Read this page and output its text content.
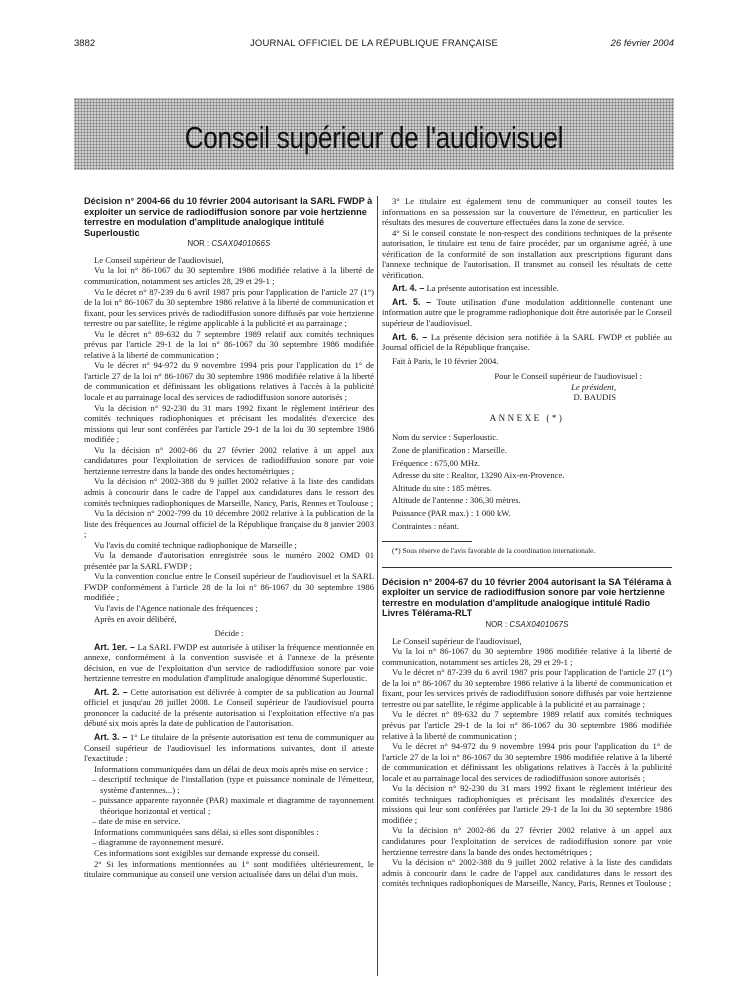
3882	JOURNAL OFFICIEL DE LA RÉPUBLIQUE FRANÇAISE	26 février 2004
Conseil supérieur de l'audiovisuel
Décision n° 2004-66 du 10 février 2004 autorisant la SARL FWDP à exploiter un service de radiodiffusion sonore par voie hertzienne terrestre en modulation d'amplitude analogique intitulé Superloustic
NOR : CSAX0401066S

Le Conseil supérieur de l'audiovisuel,

Vu la loi n° 86-1067 du 30 septembre 1986 modifiée relative à la liberté de communication, notamment ses articles 28, 29 et 29-1 ;

Vu le décret n° 87-239 du 6 avril 1987 pris pour l'application de l'article 27 (1°) de la loi n° 86-1067 du 30 septembre 1986 relative à la liberté de communication et fixant, pour les services privés de radiodiffusion sonore diffusés par voie hertzienne terrestre ou par satellite, le régime applicable à la publicité et au parrainage ;

Vu le décret n° 89-632 du 7 septembre 1989 relatif aux comités techniques prévus par l'article 29-1 de la loi n° 86-1067 du 30 septembre 1986 modifiée relative à la liberté de communication ;

Vu le décret n° 94-972 du 9 novembre 1994 pris pour l'application du 1° de l'article 27 de la loi n° 86-1067 du 30 septembre 1986 modifiée relative à la liberté de communication et définissant les obligations relatives à l'accès à la publicité locale et au parrainage local des services de radiodiffusion sonore autorisés ;

Vu la décision n° 92-230 du 31 mars 1992 fixant le règlement intérieur des comités techniques radiophoniques et précisant les modalités d'exercice des missions qui leur sont conférées par l'article 29-1 de la loi du 30 septembre 1986 modifiée ;

Vu la décision n° 2002-86 du 27 février 2002 relative à un appel aux candidatures pour l'exploitation de services de radiodiffusion sonore par voie hertzienne terrestre dans la bande des ondes hectométriques ;

Vu la décision n° 2002-388 du 9 juillet 2002 relative à la liste des candidats admis à concourir dans le cadre de l'appel aux candidatures dans le ressort des comités techniques radiophoniques de Marseille, Nancy, Paris, Rennes et Toulouse ;

Vu la décision n° 2002-799 du 10 décembre 2002 relative à la publication de la liste des fréquences au Journal officiel de la République française du 8 janvier 2003 ;

Vu l'avis du comité technique radiophonique de Marseille ;

Vu la demande d'autorisation enregistrée sous le numéro 2002 OMD 01 présentée par la SARL FWDP ;

Vu la convention conclue entre le Conseil supérieur de l'audiovisuel et la SARL FWDP conformément à l'article 28 de la loi n° 86-1067 du 30 septembre 1986 modifiée ;

Vu l'avis de l'Agence nationale des fréquences ;

Après en avoir délibéré,

Décide :

Art. 1er. – La SARL FWDP est autorisée à utiliser la fréquence mentionnée en annexe, conformément à la convention susvisée et à l'annexe de la présente décision, en vue de l'exploitation d'un service de radiodiffusion sonore par voie hertzienne terrestre en modulation d'amplitude analogique dénommé Superloustic.

Art. 2. – Cette autorisation est délivrée à compter de sa publication au Journal officiel et jusqu'au 28 juillet 2008. Le Conseil supérieur de l'audiovisuel pourra prononcer la caducité de la présente autorisation si l'exploitation effective n'a pas débuté six mois après la date de publication de l'autorisation.

Art. 3. – 1° Le titulaire de la présente autorisation est tenu de communiquer au Conseil supérieur de l'audiovisuel les informations suivantes, dont il atteste l'exactitude :

Informations communiquées dans un délai de deux mois après mise en service :

– descriptif technique de l'installation (type et puissance nominale de l'émetteur, système d'antennes...) ;

– puissance apparente rayonnée (PAR) maximale et diagramme de rayonnement théorique horizontal et vertical ;

– date de mise en service.

Informations communiquées sans délai, si elles sont disponibles :

– diagramme de rayonnement mesuré.

Ces informations sont exigibles sur demande expresse du conseil.

2° Si les informations mentionnées au 1° sont modifiées ultérieurement, le titulaire communique au conseil une version actualisée dans un délai d'un mois.

3° Le titulaire est également tenu de communiquer au conseil toutes les informations en sa possession sur la couverture de l'émetteur, en particulier les résultats des mesures de couverture effectuées dans la zone de service.

4° Si le conseil constate le non-respect des conditions techniques de la présente autorisation, le titulaire est tenu de faire procéder, par un organisme agréé, à une vérification de la conformité de son installation aux prescriptions figurant dans l'annexe technique de l'autorisation. Il transmet au conseil les résultats de cette vérification.

Art. 4. – La présente autorisation est incessible.

Art. 5. – Toute utilisation d'une modulation additionnelle contenant une information autre que le programme radiophonique doit être autorisée par le Conseil supérieur de l'audiovisuel.

Art. 6. – La présente décision sera notifiée à la SARL FWDP et publiée au Journal officiel de la République française.

Fait à Paris, le 10 février 2004.

Pour le Conseil supérieur de l'audiovisuel :

Le président,

D. BAUDIS

ANNEXE (*)

Nom du service : Superloustic.
Zone de planification : Marseille.
Fréquence : 675,00 MHz.
Adresse du site : Realtor, 13290 Aix-en-Provence.
Altitude du site : 185 mètres.
Altitude de l'antenne : 306,30 mètres.
Puissance (PAR max.) : 1 000 kW.
Contraintes : néant.

(*) Sous réserve de l'avis favorable de la coordination internationale.

Décision n° 2004-67 du 10 février 2004 autorisant la SA Télérama à exploiter un service de radiodiffusion sonore par voie hertzienne terrestre en modulation d'amplitude analogique intitulé Radio Livres Télérama-RLT
NOR : CSAX0401067S

Le Conseil supérieur de l'audiovisuel,

Vu la loi n° 86-1067 du 30 septembre 1986 modifiée relative à la liberté de communication, notamment ses articles 28, 29 et 29-1 ;

Vu le décret n° 87-239 du 6 avril 1987 pris pour l'application de l'article 27 (1°) de la loi n° 86-1067 du 30 septembre 1986 relative à la liberté de communication et fixant, pour les services privés de radiodiffusion sonore diffusés par voie hertzienne terrestre ou par satellite, le régime applicable à la publicité et au parrainage ;

Vu le décret n° 89-632 du 7 septembre 1989 relatif aux comités techniques prévus par l'article 29-1 de la loi n° 86-1067 du 30 septembre 1986 modifiée relative à la liberté de communication ;

Vu le décret n° 94-972 du 9 novembre 1994 pris pour l'application du 1° de l'article 27 de la loi n° 86-1067 du 30 septembre 1986 modifiée relative à la liberté de communication et définissant les obligations relatives à l'accès à la publicité locale et au parrainage local des services de radiodiffusion sonore autorisés ;

Vu la décision n° 92-230 du 31 mars 1992 fixant le règlement intérieur des comités techniques radiophoniques et précisant les modalités d'exercice des missions qui leur sont conférées par l'article 29-1 de la loi du 30 septembre 1986 modifiée ;

Vu la décision n° 2002-86 du 27 février 2002 relative à un appel aux candidatures pour l'exploitation de services de radiodiffusion sonore par voie hertzienne terrestre dans la bande des ondes hectométriques ;

Vu la décision n° 2002-388 du 9 juillet 2002 relative à la liste des candidats admis à concourir dans le cadre de l'appel aux candidatures dans le ressort des comités techniques radiophoniques de Marseille, Nancy, Paris, Rennes et Toulouse ;
